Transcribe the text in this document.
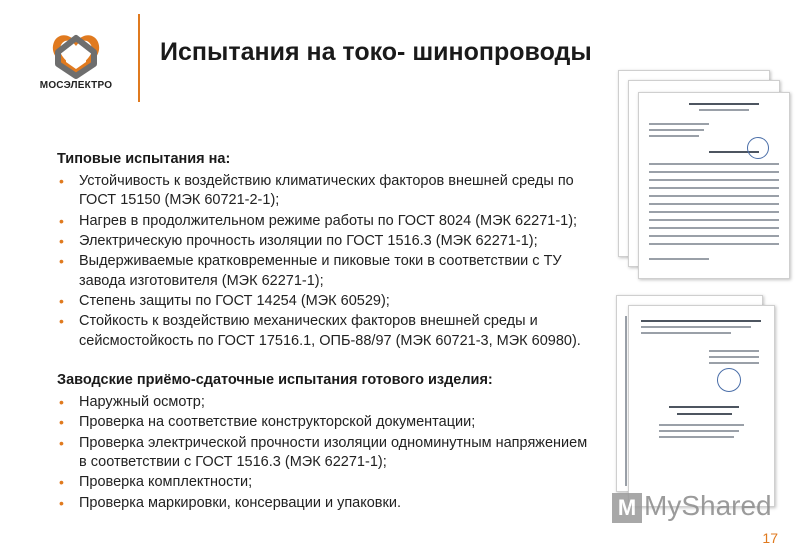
МОСЭЛЕКТРО
Испытания на токо- шинопроводы
Типовые испытания на:
• Устойчивость к воздействию климатических факторов внешней среды по ГОСТ 15150 (МЭК 60721-2-1);
• Нагрев в продолжительном режиме работы по ГОСТ 8024 (МЭК 62271-1);
• Электрическую прочность изоляции по ГОСТ 1516.3 (МЭК 62271-1);
• Выдерживаемые кратковременные и пиковые токи в соответствии с ТУ завода изготовителя (МЭК 62271-1);
• Степень защиты по ГОСТ 14254 (МЭК 60529);
• Стойкость к воздействию механических факторов внешней среды и сейсмостойкость по ГОСТ 17516.1, ОПБ-88/97 (МЭК 60721-3, МЭК 60980).
Заводские приёмо-сдаточные испытания готового изделия:
• Наружный осмотр;
• Проверка на соответствие конструкторской документации;
• Проверка электрической прочности изоляции одноминутным напряжением в соответствии с ГОСТ 1516.3 (МЭК 62271-1);
• Проверка комплектности;
• Проверка маркировки, консервации и упаковки.	M MyShared
17
